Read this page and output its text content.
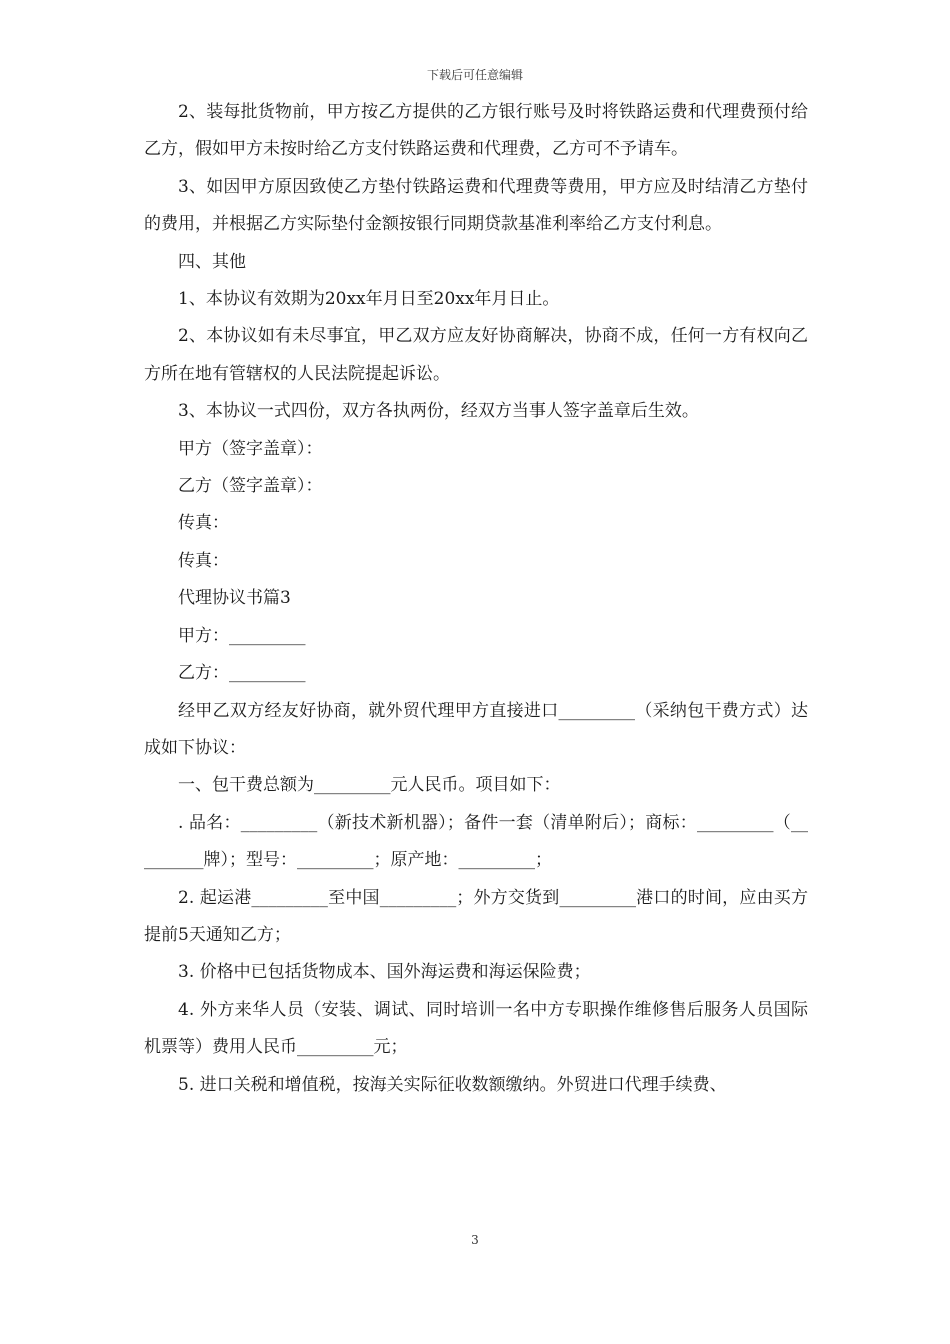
下载后可任意编辑

2、装每批货物前，甲方按乙方提供的乙方银行账号及时将铁路运费和代理费预付给乙方，假如甲方未按时给乙方支付铁路运费和代理费，乙方可不予请车。

3、如因甲方原因致使乙方垫付铁路运费和代理费等费用，甲方应及时结清乙方垫付的费用，并根据乙方实际垫付金额按银行同期贷款基准利率给乙方支付利息。

四、其他

1、本协议有效期为20xx年月日至20xx年月日止。

2、本协议如有未尽事宜，甲乙双方应友好协商解决，协商不成，任何一方有权向乙方所在地有管辖权的人民法院提起诉讼。

3、本协议一式四份，双方各执两份，经双方当事人签字盖章后生效。

甲方（签字盖章）：

乙方（签字盖章）：

传真：

传真：

代理协议书篇3

甲方：_________

乙方：_________

经甲乙双方经友好协商，就外贸代理甲方直接进口_________（采纳包干费方式）达成如下协议：

一、包干费总额为_________元人民币。项目如下：

. 品名：_________（新技术新机器）；备件一套（清单附后）；商标：_________（_________牌）；型号：_________；原产地：_________；

2. 起运港_________至中国_________；外方交货到_________港口的时间，应由买方提前5天通知乙方；

3. 价格中已包括货物成本、国外海运费和海运保险费；

4. 外方来华人员（安装、调试、同时培训一名中方专职操作维修售后服务人员国际机票等）费用人民币_________元；

5. 进口关税和增值税，按海关实际征收数额缴纳。外贸进口代理手续费、

3
